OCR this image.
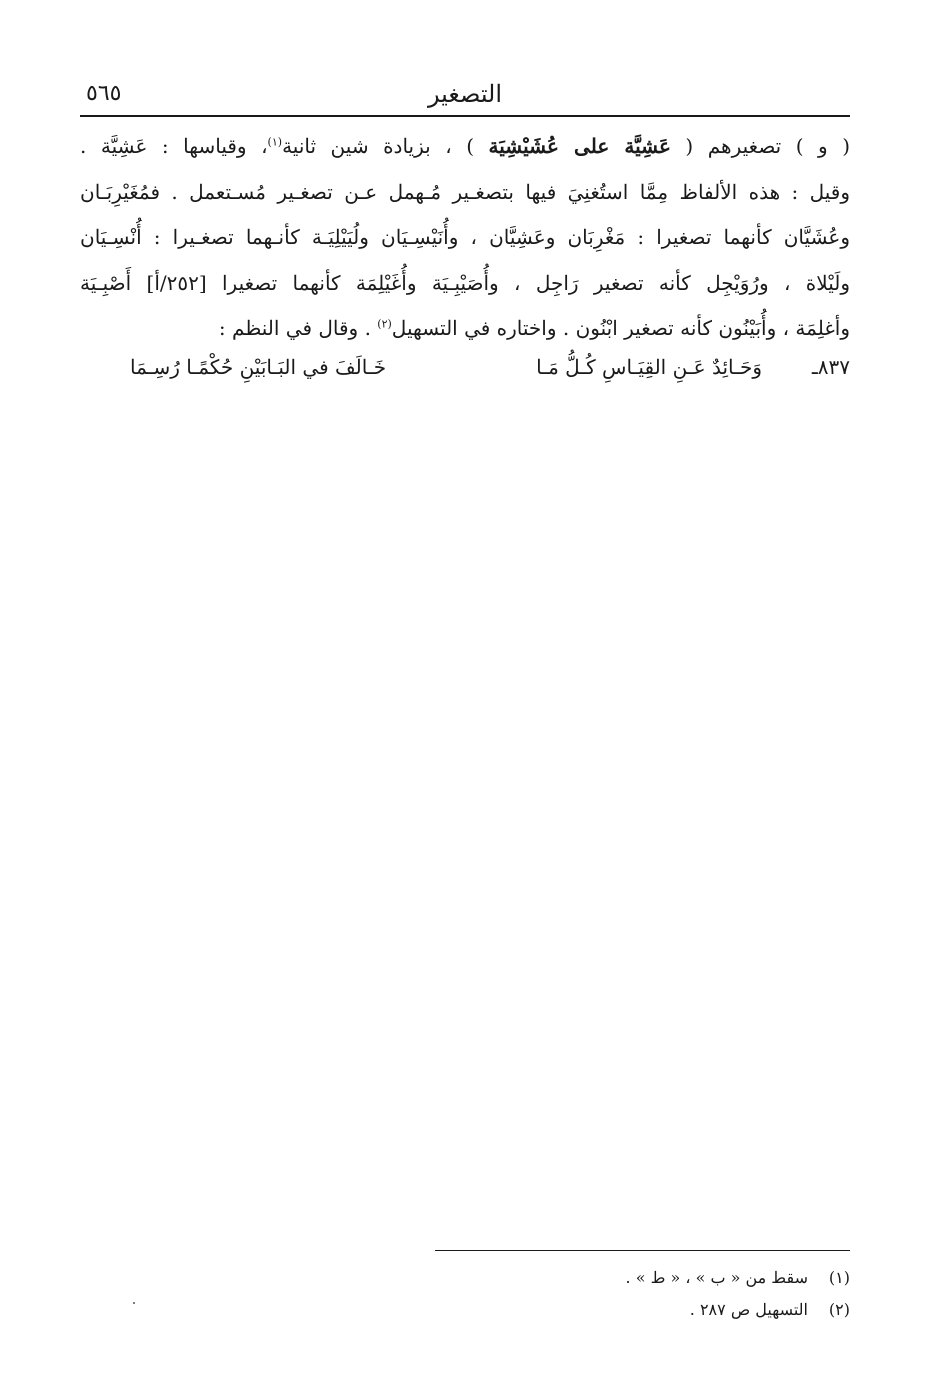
التصغير
٥٦٥
( و ) تصغيرهم ( عَشِيَّة على عُشَيْشِيَة ) ، بزيادة شين ثانية$^{(١)}$، وقياسها : عَشِيَّة .
وقيل : هذه الألفاظ مِمَّا استُغنِيَ فيها بتصغـير مُـهمل عـن تصغـير مُسـتعمل . فمُغَيْرِبَـان
وعُشَيَّان كأنهما تصغيرا : مَغْرِبَان وعَشِيَّان ، وأُنَيْسِـيَان ولُيَيْلِيَـة كأنـهما تصغـيرا : أُنْسِـيَان
ولَيْلاة ، ورُوَيْجِل كأنه تصغير رَاجِل ، وأُصَيْبِـيَة وأُغَيْلِمَة كأنهما تصغيرا [٢٥٢/أ] أَصْبِـيَة
وأغلِمَة ، وأُبَيْنُون كأنه تصغير ابْنُون . واختاره في التسهيل$^{(٢)}$ . وقال في النظم :
٨٣٧ـ
وَحَـائِدٌ عَـنِ القِيَـاسِ كُـلُّ مَـا
خَـالَفَ في البَـابَيْنِ حُكْمًـا رُسِـمَا
(١)سقط من « ب » ، « ط » .
(٢)التسهيل ص ٢٨٧ .
